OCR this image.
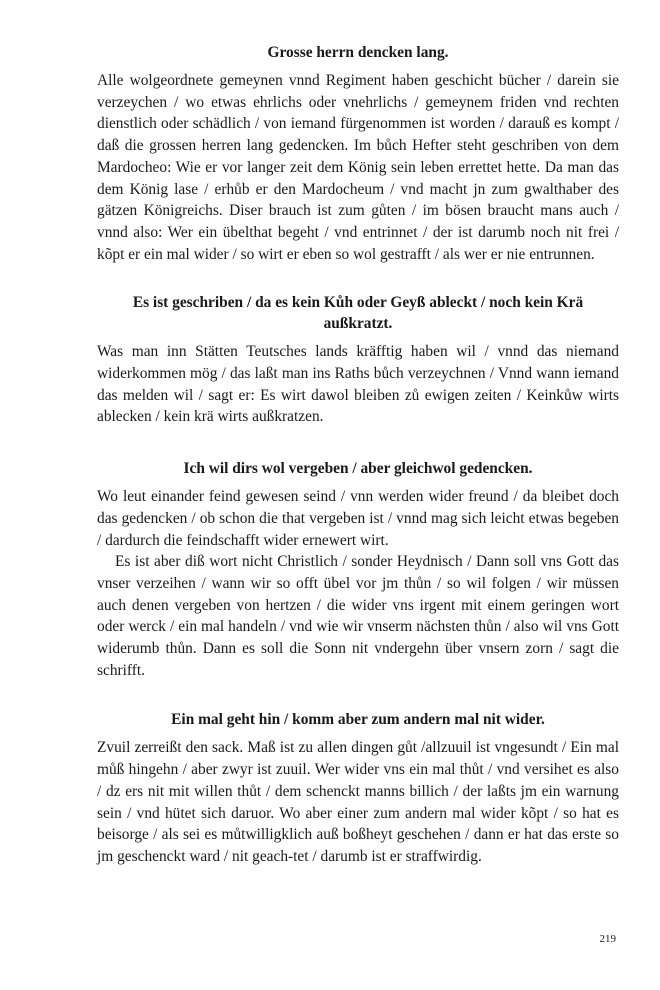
Grosse herrn dencken lang.

Alle wolgeordnete gemeynen vnnd Regiment haben geschicht bücher / darein sie verzeychen / wo etwas ehrlichs oder vnehrlichs / gemeynem friden vnd rechten dienstlich oder schädlich / von iemand fürgenommen ist worden / darauß es kompt / daß die grossen herren lang gedencken. Im bůch Hefter steht geschriben von dem Mardocheo: Wie er vor langer zeit dem König sein leben errettet hette. Da man das dem König lase / erhůb er den Mardocheum / vnd macht jn zum gwalthaber des gätzen Königreichs. Diser brauch ist zum gůten / im bösen braucht mans auch / vnnd also: Wer ein übelthat begeht / vnd entrinnet / der ist darumb noch nit frei / kõpt er ein mal wider / so wirt er eben so wol gestrafft / als wer er nie entrunnen.

Es ist geschriben / da es kein Kůh oder Geyß ableckt / noch kein Krä außkratzt.

Was man inn Stätten Teutsches lands kräfftig haben wil / vnnd das niemand widerkommen mög / das laßt man ins Raths bůch verzeychnen / Vnnd wann iemand das melden wil / sagt er: Es wirt dawol bleiben zů ewigen zeiten / Keinkůw wirts ablecken / kein krä wirts außkratzen.

Ich wil dirs wol vergeben / aber gleichwol gedencken.

Wo leut einander feind gewesen seind / vnn werden wider freund / da bleibet doch das gedencken / ob schon die that vergeben ist / vnnd mag sich leicht etwas begeben / dardurch die feindschafft wider ernewert wirt.

Es ist aber diß wort nicht Christlich / sonder Heydnisch / Dann soll vns Gott das vnser verzeihen / wann wir so offt übel vor jm thůn / so wil folgen / wir müssen auch denen vergeben von hertzen / die wider vns irgent mit einem geringen wort oder werck / ein mal handeln / vnd wie wir vnserm nächsten thůn / also wil vns Gott widerumb thůn. Dann es soll die Sonn nit vndergehn über vnsern zorn / sagt die schrifft.

Ein mal geht hin / komm aber zum andern mal nit wider.

Zvuil zerreißt den sack. Maß ist zu allen dingen gůt /allzuuil ist vngesundt / Ein mal můß hingehn / aber zwyr ist zuuil. Wer wider vns ein mal thůt / vnd versihet es also / dz ers nit mit willen thůt / dem schenckt manns billich / der laßts jm ein warnung sein / vnd hütet sich daruor. Wo aber einer zum andern mal wider kõpt / so hat es beisorge / als sei es můtwilligklich auß boßheyt geschehen / dann er hat das erste so jm geschenckt ward / nit geach-tet / darumb ist er straffwirdig.

219
